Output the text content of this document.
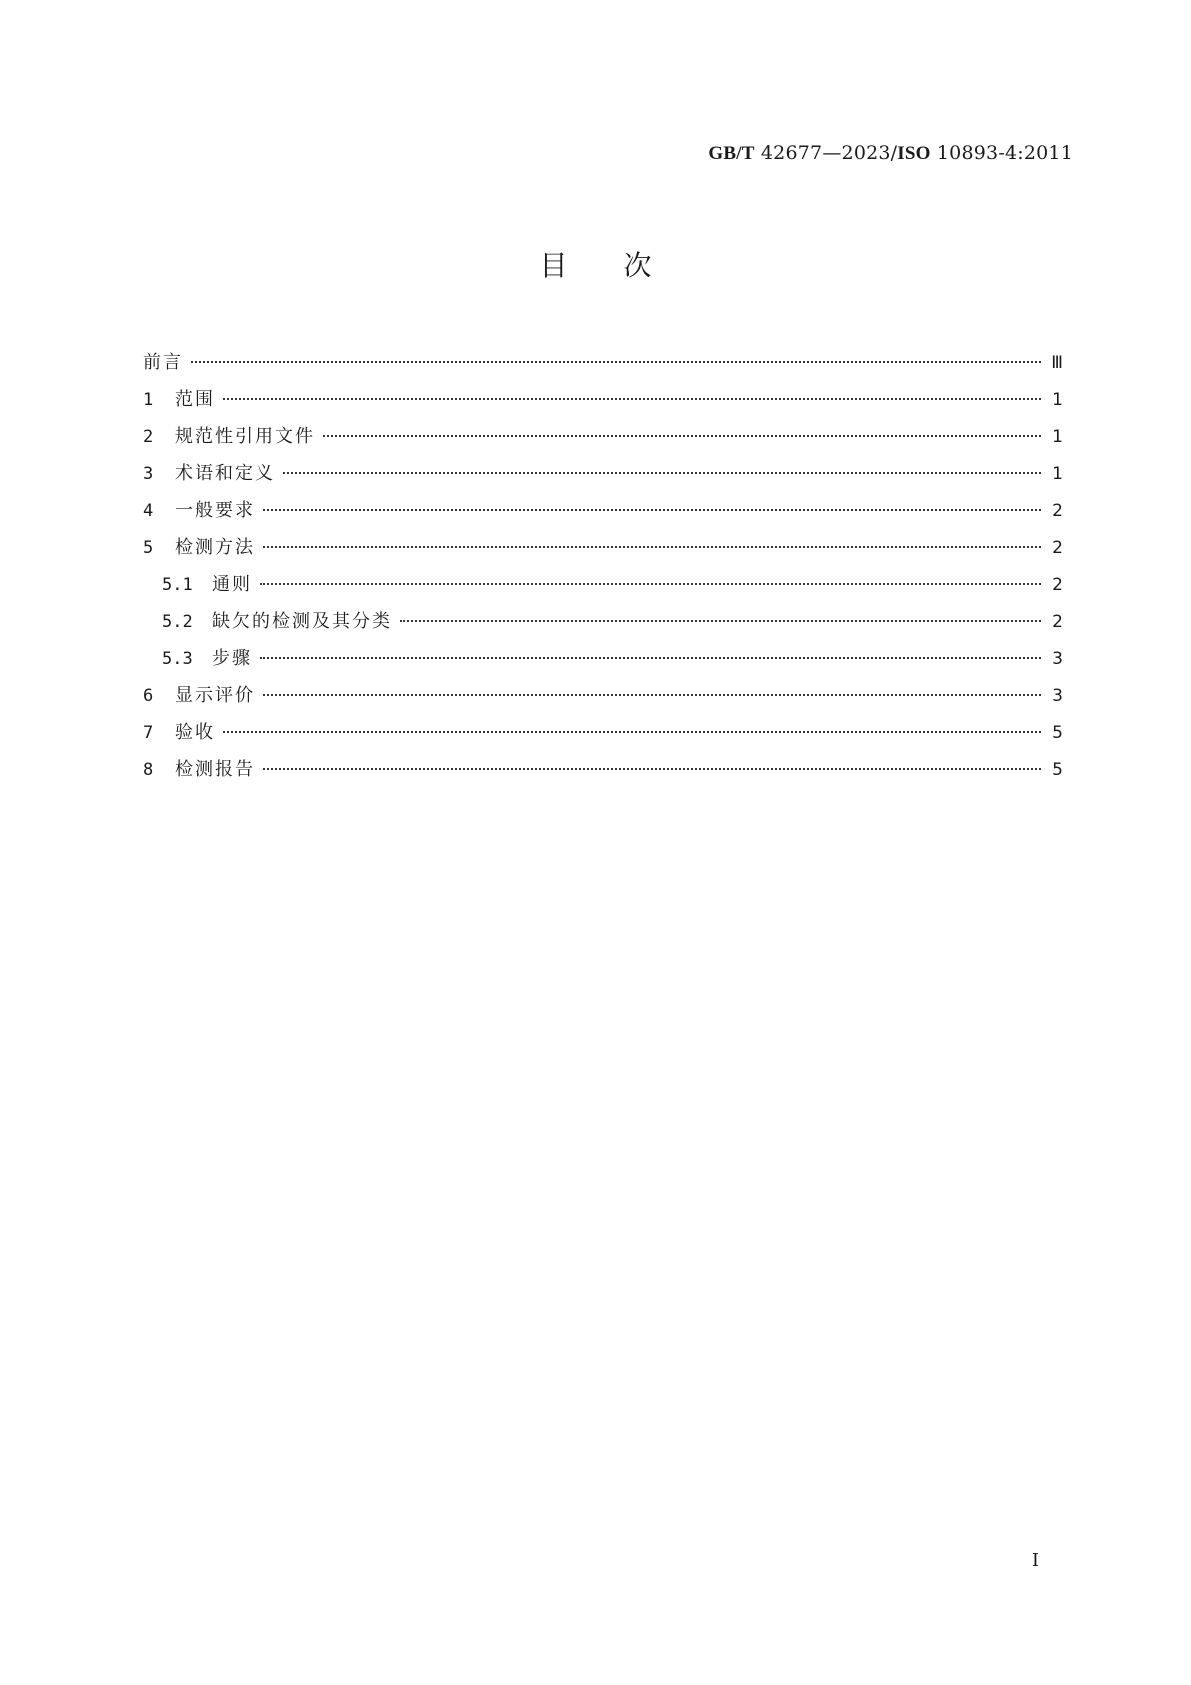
GB/T 42677—2023/ISO 10893-4:2011
目次
前言	Ⅲ
1	范围	1
2	规范性引用文件	1
3	术语和定义	1
4	一般要求	2
5	检测方法	2
5.1	通则	2
5.2	缺欠的检测及其分类	2
5.3	步骤	3
6	显示评价	3
7	验收	5
8	检测报告	5
Ⅰ
